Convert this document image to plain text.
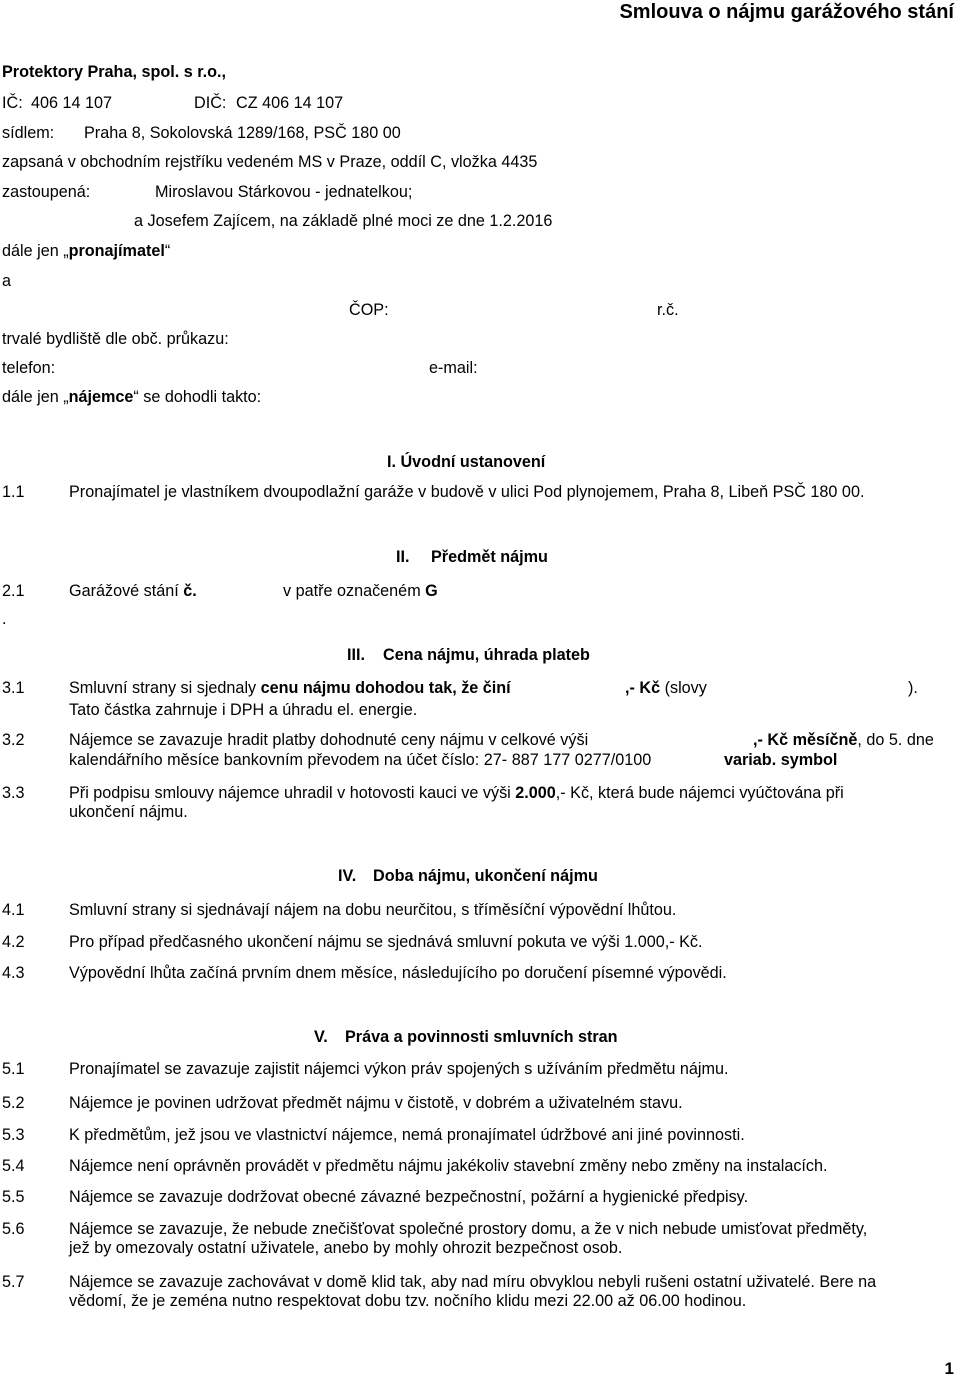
Smlouva o nájmu garážového stání
Protektory Praha, spol. s r.o.,
IČ: 406 14 107	DIČ: CZ 406 14 107
sídlem: Praha 8, Sokolovská 1289/168, PSČ 180 00
zapsaná v obchodním rejstříku vedeném MS v Praze, oddíl C, vložka 4435
zastoupená:	Miroslavou Stárkovou - jednatelkou;
a Josefem Zajícem, na základě plné moci ze dne 1.2.2016
dále jen „pronajímatel“
a
ČOP:	r.č.
trvalé bydliště dle obč. průkazu:
telefon:	e-mail:
dále jen „nájemce“ se dohodli takto:
I. Úvodní ustanovení
1.1	Pronajímatel je vlastníkem dvoupodlažní garáže v budově v ulici Pod plynojemem, Praha 8, Libeň PSČ 180 00.
II. Předmět nájmu
2.1	Garážové stání č.	v patře označeném G
.
III. Cena nájmu, úhrada plateb
3.1	Smluvní strany si sjednaly cenu nájmu dohodou tak, že činí	,- Kč (slovy	).
Tato částka zahrnuje i DPH a úhradu el. energie.
3.2	Nájemce se zavazuje hradit platby dohodnuté ceny nájmu v celkové výši	,- Kč měsíčně, do 5. dne
kalendářního měsíce bankovním převodem na účet číslo: 27- 887 177 0277/0100	variab. symbol
3.3	Při podpisu smlouvy nájemce uhradil v hotovosti kauci ve výši 2.000,- Kč, která bude nájemci vyúčtována při
ukončení nájmu.
IV. Doba nájmu, ukončení nájmu
4.1	Smluvní strany si sjednávají nájem na dobu neurčitou, s tříměsíční výpovědní lhůtou.
4.2	Pro případ předčasného ukončení nájmu se sjednává smluvní pokuta ve výši 1.000,- Kč.
4.3	Výpovědní lhůta začíná prvním dnem měsíce, následujícího po doručení písemné výpovědi.
V. Práva a povinnosti smluvních stran
5.1	Pronajímatel se zavazuje zajistit nájemci výkon práv spojených s užíváním předmětu nájmu.
5.2	Nájemce je povinen udržovat předmět nájmu v čistotě, v dobrém a uživatelném stavu.
5.3	K předmětům, jež jsou ve vlastnictví nájemce, nemá pronajímatel údržbové ani jiné povinnosti.
5.4	Nájemce není oprávněn provádět v předmětu nájmu jakékoliv stavební změny nebo změny na instalacích.
5.5	Nájemce se zavazuje dodržovat obecné závazné bezpečnostní, požární a hygienické předpisy.
5.6	Nájemce se zavazuje, že nebude znečišťovat společné prostory domu, a že v nich nebude umisťovat předměty,
jež by omezovaly ostatní uživatele, anebo by mohly ohrozit bezpečnost osob.
5.7	Nájemce se zavazuje zachovávat v domě klid tak, aby nad míru obvyklou nebyli rušeni ostatní uživatelé. Bere na
vědomí, že je zeména nutno respektovat dobu tzv. nočního klidu mezi 22.00 až 06.00 hodinou.
1
